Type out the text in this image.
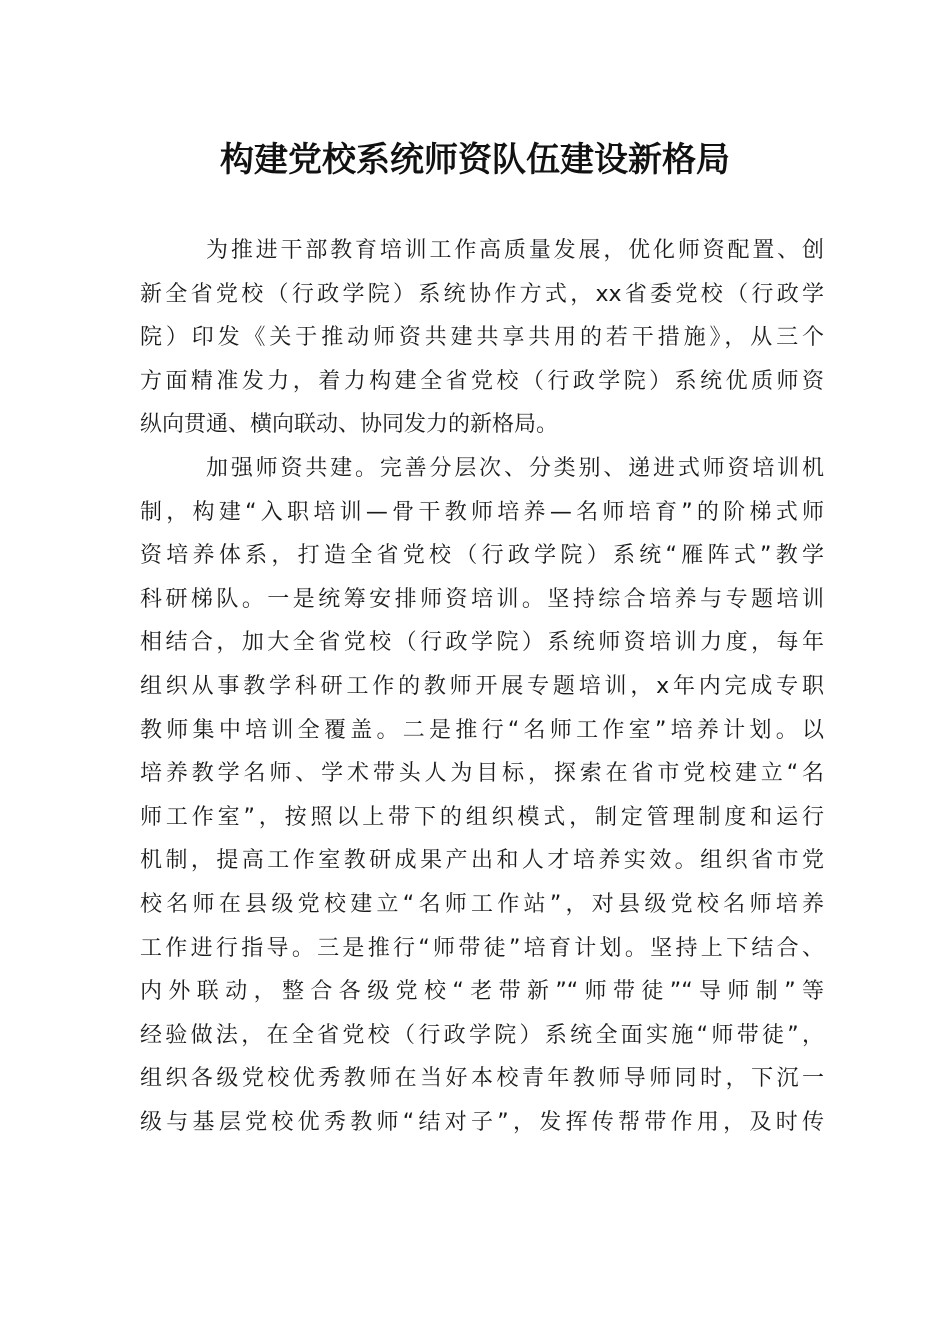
构建党校系统师资队伍建设新格局
为推进干部教育培训工作高质量发展，优化师资配置、创
新全省党校（行政学院）系统协作方式，xx省委党校（行政学
院）印发《关于推动师资共建共享共用的若干措施》，从三个
方面精准发力，着力构建全省党校（行政学院）系统优质师资
纵向贯通、横向联动、协同发力的新格局。
加强师资共建。完善分层次、分类别、递进式师资培训机
制，构建“入职培训—骨干教师培养—名师培育”的阶梯式师
资培养体系，打造全省党校（行政学院）系统“雁阵式”教学
科研梯队。一是统筹安排师资培训。坚持综合培养与专题培训
相结合，加大全省党校（行政学院）系统师资培训力度，每年
组织从事教学科研工作的教师开展专题培训，x年内完成专职
教师集中培训全覆盖。二是推行“名师工作室”培养计划。以
培养教学名师、学术带头人为目标，探索在省市党校建立“名
师工作室”，按照以上带下的组织模式，制定管理制度和运行
机制，提高工作室教研成果产出和人才培养实效。组织省市党
校名师在县级党校建立“名师工作站”，对县级党校名师培养
工作进行指导。三是推行“师带徒”培育计划。坚持上下结合、
内外联动，整合各级党校“老带新”“师带徒”“导师制”等
经验做法，在全省党校（行政学院）系统全面实施“师带徒”，
组织各级党校优秀教师在当好本校青年教师导师同时，下沉一
级与基层党校优秀教师“结对子”，发挥传帮带作用，及时传
